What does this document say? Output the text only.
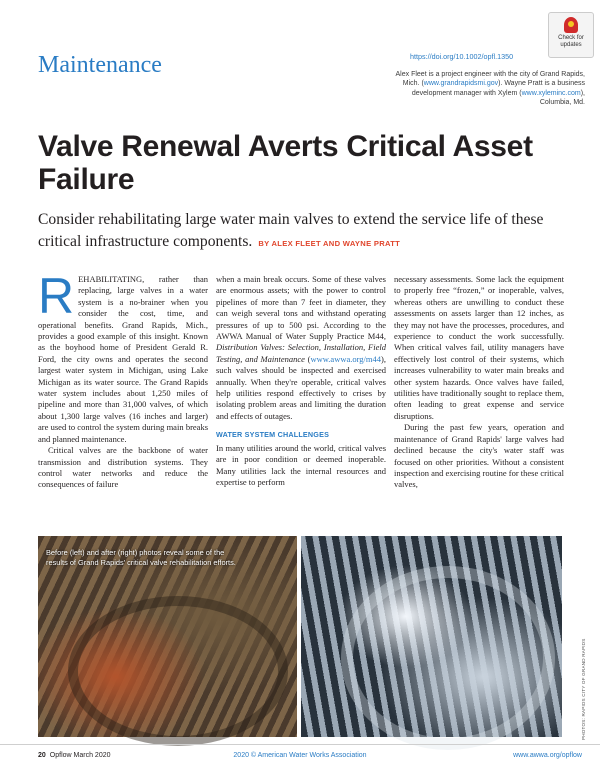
Maintenance	https://doi.org/10.1002/opfl.1350
Check for
updates
Alex Fleet is a project engineer with the city of Grand Rapids, Mich. (www.grandrapidsmi.gov). Wayne Pratt is a business development manager with Xylem (www.xyleminc.com), Columbia, Md.
Valve Renewal Averts Critical Asset Failure
Consider rehabilitating large water main valves to extend the service life of these critical infrastructure components. BY ALEX FLEET AND WAYNE PRATT

REHABILITATING, rather than replacing, large valves in a water system is a no-brainer when you consider the cost, time, and operational benefits. Grand Rapids, Mich., provides a good example of this insight. Known as the boyhood home of President Gerald R. Ford, the city owns and operates the second largest water system in Michigan, using Lake Michigan as its water source. The Grand Rapids water system includes about 1,250 miles of pipeline and more than 31,000 valves, of which about 1,300 large valves (16 inches and larger) are used to control the system during main breaks and planned maintenance.

Critical valves are the backbone of water transmission and distribution systems. They control water networks and reduce the consequences of failure

when a main break occurs. Some of these valves are enormous assets; with the power to control pipelines of more than 7 feet in diameter, they can weigh several tons and withstand operating pressures of up to 500 psi. According to the AWWA Manual of Water Supply Practice M44, Distribution Valves: Selection, Installation, Field Testing, and Maintenance (www.awwa.org/m44), such valves should be inspected and exercised annually. When they're operable, critical valves help utilities respond effectively to crises by isolating problem areas and limiting the duration and effects of outages.

WATER SYSTEM CHALLENGES

In many utilities around the world, critical valves are in poor condition or deemed inoperable. Many utilities lack the internal resources and expertise to perform

necessary assessments. Some lack the equipment to properly free “frozen,” or inoperable, valves, whereas others are unwilling to conduct these assessments on assets larger than 12 inches, as they may not have the processes, procedures, and experience to conduct the work successfully. When critical valves fail, utility managers have effectively lost control of their systems, which increases vulnerability to water main breaks and other system hazards. Once valves have failed, utilities have traditionally sought to replace them, often leading to great expense and service disruptions.

During the past few years, operation and maintenance of Grand Rapids' large valves had declined because the city's water staff was focused on other priorities. Without a consistent inspection and exercising routine for these critical valves,

Before (left) and after (right) photos reveal some of the results of Grand Rapids' critical valve rehabilitation efforts.
PHOTOS: RAPIDS CITY OF GRAND RAPIDS
20 Opflow March 2020	2020 © American Water Works Association	www.awwa.org/opflow
